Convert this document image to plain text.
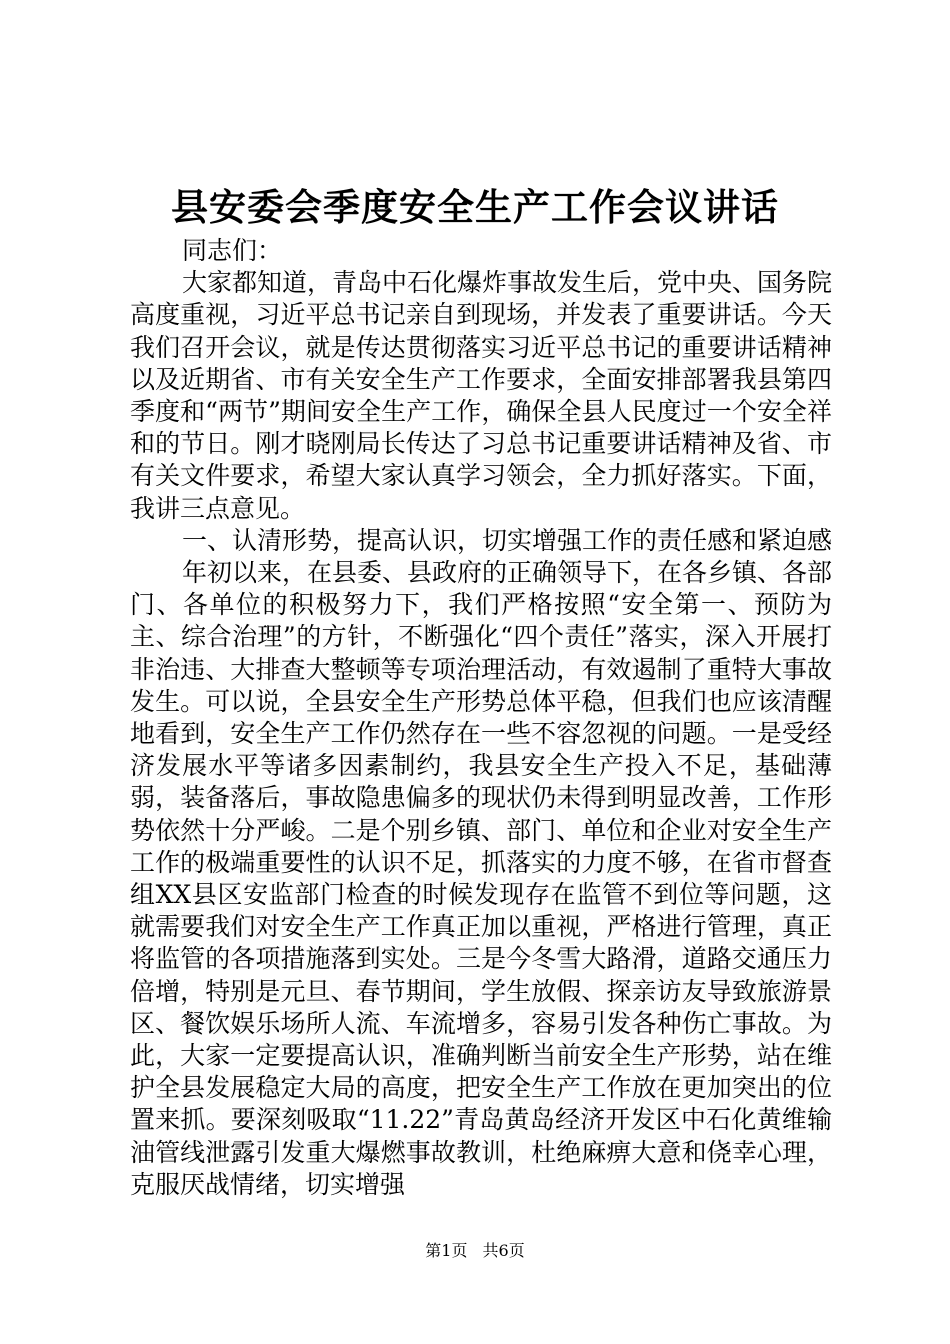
县安委会季度安全生产工作会议讲话

同志们：

大家都知道，青岛中石化爆炸事故发生后，党中央、国务院高度重视，习近平总书记亲自到现场，并发表了重要讲话。今天我们召开会议，就是传达贯彻落实习近平总书记的重要讲话精神以及近期省、市有关安全生产工作要求，全面安排部署我县第四季度和“两节”期间安全生产工作，确保全县人民度过一个安全祥和的节日。刚才晓刚局长传达了习总书记重要讲话精神及省、市有关文件要求，希望大家认真学习领会，全力抓好落实。下面，我讲三点意见。

一、认清形势，提高认识，切实增强工作的责任感和紧迫感

年初以来，在县委、县政府的正确领导下，在各乡镇、各部门、各单位的积极努力下，我们严格按照“安全第一、预防为主、综合治理”的方针，不断强化“四个责任”落实，深入开展打非治违、大排查大整顿等专项治理活动，有效遏制了重特大事故发生。可以说，全县安全生产形势总体平稳，但我们也应该清醒地看到，安全生产工作仍然存在一些不容忽视的问题。一是受经济发展水平等诸多因素制约，我县安全生产投入不足，基础薄弱，装备落后，事故隐患偏多的现状仍未得到明显改善，工作形势依然十分严峻。二是个别乡镇、部门、单位和企业对安全生产工作的极端重要性的认识不足，抓落实的力度不够，在省市督查组XX县区安监部门检查的时候发现存在监管不到位等问题，这就需要我们对安全生产工作真正加以重视，严格进行管理，真正将监管的各项措施落到实处。三是今冬雪大路滑，道路交通压力倍增，特别是元旦、春节期间，学生放假、探亲访友导致旅游景区、餐饮娱乐场所人流、车流增多，容易引发各种伤亡事故。为此，大家一定要提高认识，准确判断当前安全生产形势，站在维护全县发展稳定大局的高度，把安全生产工作放在更加突出的位置来抓。要深刻吸取“11.22”青岛黄岛经济开发区中石化黄维输油管线泄露引发重大爆燃事故教训，杜绝麻痹大意和侥幸心理，克服厌战情绪，切实增强

第1页 共6页
